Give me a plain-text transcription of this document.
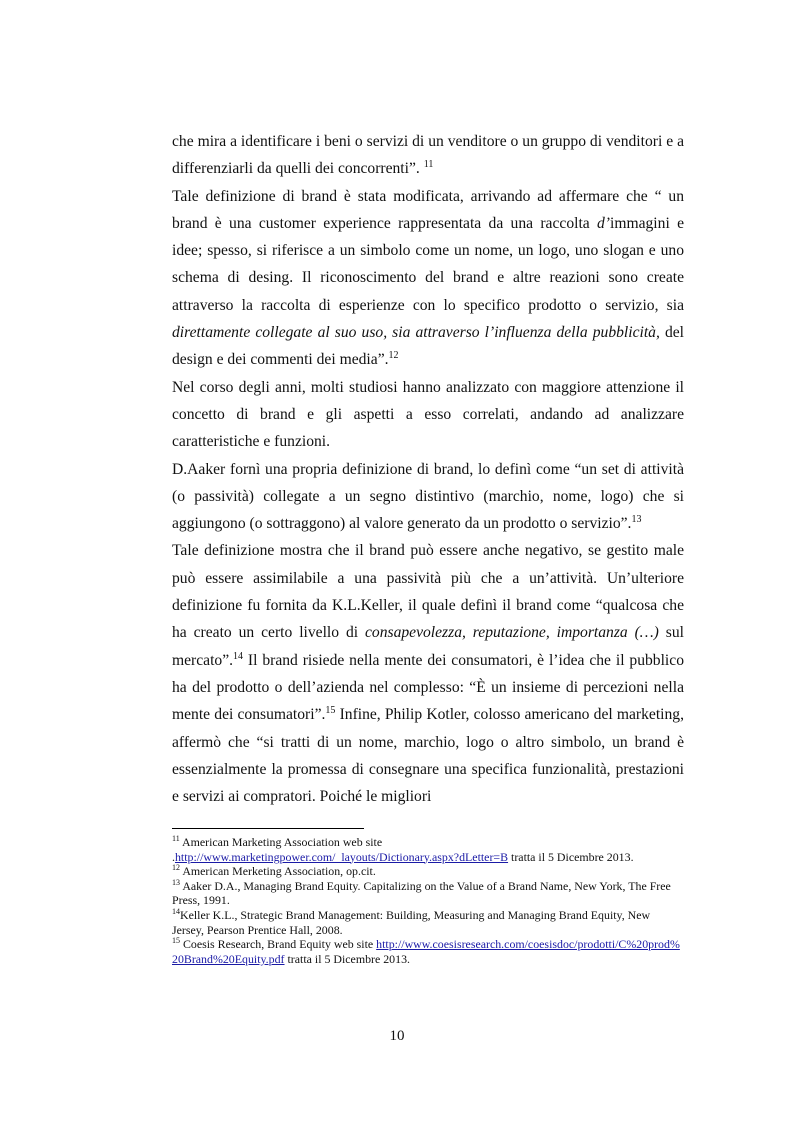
che mira a identificare i beni o servizi di un venditore o un gruppo di venditori e a differenziarli da quelli dei concorrenti”. $^{11}$

Tale definizione di brand è stata modificata, arrivando ad affermare che “ un brand è una customer experience rappresentata da una raccolta d’immagini e idee; spesso, si riferisce a un simbolo come un nome, un logo, uno slogan e uno schema di desing. Il riconoscimento del brand e altre reazioni sono create attraverso la raccolta di esperienze con lo specifico prodotto o servizio, sia direttamente collegate al suo uso, sia attraverso l’influenza della pubblicità, del design e dei commenti dei media”.$^{12}$

Nel corso degli anni, molti studiosi hanno analizzato con maggiore attenzione il concetto di brand e gli aspetti a esso correlati, andando ad analizzare caratteristiche e funzioni.

D.Aaker fornì una propria definizione di brand, lo definì come “un set di attività (o passività) collegate a un segno distintivo (marchio, nome, logo) che si aggiungono (o sottraggono) al valore generato da un prodotto o servizio”.$^{13}$

Tale definizione mostra che il brand può essere anche negativo, se gestito male può essere assimilabile a una passività più che a un’attività. Un’ulteriore definizione fu fornita da K.L.Keller, il quale definì il brand come “qualcosa che ha creato un certo livello di consapevolezza, reputazione, importanza (…) sul mercato”.$^{14}$ Il brand risiede nella mente dei consumatori, è l’idea che il pubblico ha del prodotto o dell’azienda nel complesso: “È un insieme di percezioni nella mente dei consumatori”.$^{15}$ Infine, Philip Kotler, colosso americano del marketing, affermò che “si tratti di un nome, marchio, logo o altro simbolo, un brand è essenzialmente la promessa di consegnare una specifica funzionalità, prestazioni e servizi ai compratori. Poiché le migliori

$^{11}$ American Marketing Association web site
.http://www.marketingpower.com/_layouts/Dictionary.aspx?dLetter=B tratta il 5 Dicembre 2013.

$^{12}$ American Merketing Association, op.cit.

$^{13}$ Aaker D.A., Managing Brand Equity. Capitalizing on the Value of a Brand Name, New York, The Free Press, 1991.

$^{14}$Keller K.L., Strategic Brand Management: Building, Measuring and Managing Brand Equity, New Jersey, Pearson Prentice Hall, 2008.

$^{15}$ Coesis Research, Brand Equity web site http://www.coesisresearch.com/coesisdoc/prodotti/C%20prod%20Brand%20Equity.pdf tratta il 5 Dicembre 2013.

10
